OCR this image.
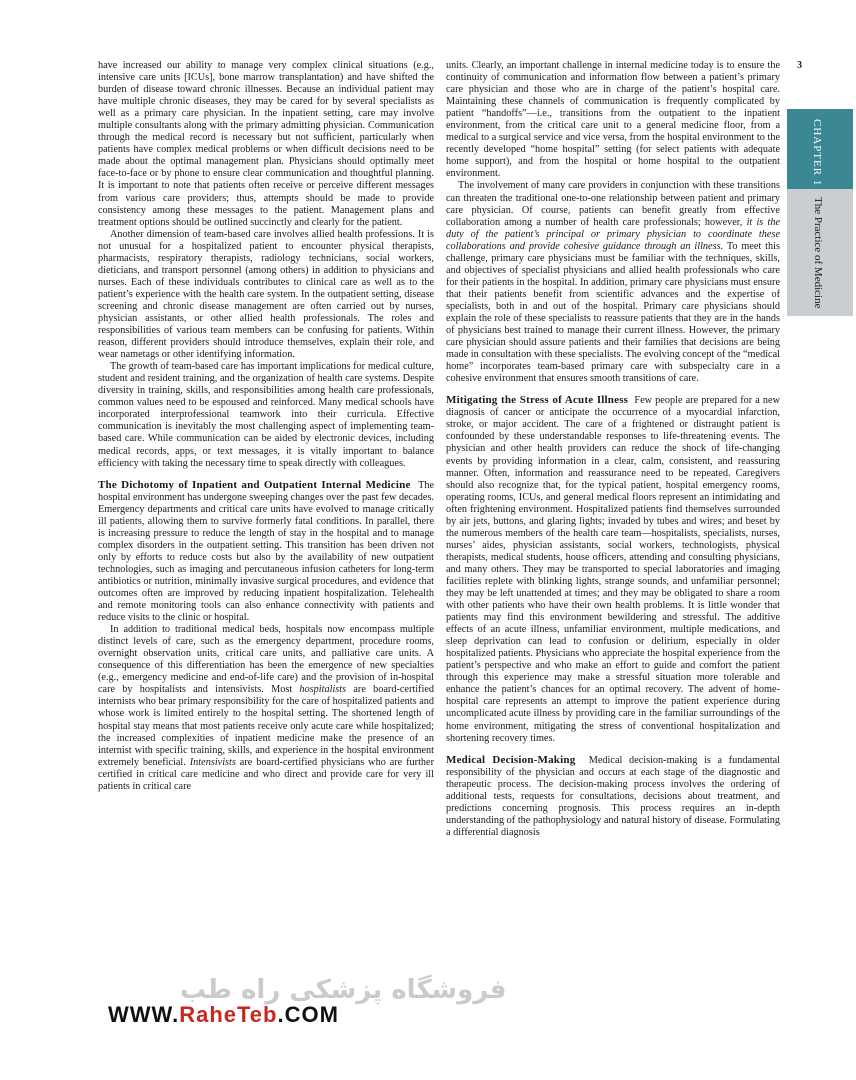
3

have increased our ability to manage very complex clinical situations (e.g., intensive care units [ICUs], bone marrow transplantation) and have shifted the burden of disease toward chronic illnesses. Because an individual patient may have multiple chronic diseases, they may be cared for by several specialists as well as a primary care physician. In the inpatient setting, care may involve multiple consultants along with the primary admitting physician. Communication through the medical record is necessary but not sufficient, particularly when patients have complex medical problems or when difficult decisions need to be made about the optimal management plan. Physicians should optimally meet face-to-face or by phone to ensure clear communication and thoughtful planning. It is important to note that patients often receive or perceive different messages from various care providers; thus, attempts should be made to provide consistency among these messages to the patient. Management plans and treatment options should be outlined succinctly and clearly for the patient.

Another dimension of team-based care involves allied health professions. It is not unusual for a hospitalized patient to encounter physical therapists, pharmacists, respiratory therapists, radiology technicians, social workers, dieticians, and transport personnel (among others) in addition to physicians and nurses. Each of these individuals contributes to clinical care as well as to the patient’s experience with the health care system. In the outpatient setting, disease screening and chronic disease management are often carried out by nurses, physician assistants, or other allied health professionals. The roles and responsibilities of various team members can be confusing for patients. Within reason, different providers should introduce themselves, explain their role, and wear nametags or other identifying information.

The growth of team-based care has important implications for medical culture, student and resident training, and the organization of health care systems. Despite diversity in training, skills, and responsibilities among health care professionals, common values need to be espoused and reinforced. Many medical schools have incorporated interprofessional teamwork into their curricula. Effective communication is inevitably the most challenging aspect of implementing team-based care. While communication can be aided by electronic devices, including medical records, apps, or text messages, it is vitally important to balance efficiency with taking the necessary time to speak directly with colleagues.

The Dichotomy of Inpatient and Outpatient Internal Medicine The hospital environment has undergone sweeping changes over the past few decades. Emergency departments and critical care units have evolved to manage critically ill patients, allowing them to survive formerly fatal conditions. In parallel, there is increasing pressure to reduce the length of stay in the hospital and to manage complex disorders in the outpatient setting. This transition has been driven not only by efforts to reduce costs but also by the availability of new outpatient technologies, such as imaging and percutaneous infusion catheters for long-term antibiotics or nutrition, minimally invasive surgical procedures, and evidence that outcomes often are improved by reducing inpatient hospitalization. Telehealth and remote monitoring tools can also enhance connectivity with patients and reduce visits to the clinic or hospital.

In addition to traditional medical beds, hospitals now encompass multiple distinct levels of care, such as the emergency department, procedure rooms, overnight observation units, critical care units, and palliative care units. A consequence of this differentiation has been the emergence of new specialties (e.g., emergency medicine and end-of-life care) and the provision of in-hospital care by hospitalists and intensivists. Most hospitalists are board-certified internists who bear primary responsibility for the care of hospitalized patients and whose work is limited entirely to the hospital setting. The shortened length of hospital stay means that most patients receive only acute care while hospitalized; the increased complexities of inpatient medicine make the presence of an internist with specific training, skills, and experience in the hospital environment extremely beneficial. Intensivists are board-certified physicians who are further certified in critical care medicine and who direct and provide care for very ill patients in critical care

units. Clearly, an important challenge in internal medicine today is to ensure the continuity of communication and information flow between a patient’s primary care physician and those who are in charge of the patient’s hospital care. Maintaining these channels of communication is frequently complicated by patient “handoffs”—i.e., transitions from the outpatient to the inpatient environment, from the critical care unit to a general medicine floor, from a medical to a surgical service and vice versa, from the hospital environment to the recently developed “home hospital” setting (for select patients with adequate home support), and from the hospital or home hospital to the outpatient environment.

The involvement of many care providers in conjunction with these transitions can threaten the traditional one-to-one relationship between patient and primary care physician. Of course, patients can benefit greatly from effective collaboration among a number of health care professionals; however, it is the duty of the patient’s principal or primary physician to coordinate these collaborations and provide cohesive guidance through an illness. To meet this challenge, primary care physicians must be familiar with the techniques, skills, and objectives of specialist physicians and allied health professionals who care for their patients in the hospital. In addition, primary care physicians must ensure that their patients benefit from scientific advances and the expertise of specialists, both in and out of the hospital. Primary care physicians should explain the role of these specialists to reassure patients that they are in the hands of physicians best trained to manage their current illness. However, the primary care physician should assure patients and their families that decisions are being made in consultation with these specialists. The evolving concept of the “medical home” incorporates team-based primary care with subspecialty care in a cohesive environment that ensures smooth transitions of care.

Mitigating the Stress of Acute Illness Few people are prepared for a new diagnosis of cancer or anticipate the occurrence of a myocardial infarction, stroke, or major accident. The care of a frightened or distraught patient is confounded by these understandable responses to life-threatening events. The physician and other health providers can reduce the shock of life-changing events by providing information in a clear, calm, consistent, and reassuring manner. Often, information and reassurance need to be repeated. Caregivers should also recognize that, for the typical patient, hospital emergency rooms, operating rooms, ICUs, and general medical floors represent an intimidating and often frightening environment. Hospitalized patients find themselves surrounded by air jets, buttons, and glaring lights; invaded by tubes and wires; and beset by the numerous members of the health care team—hospitalists, specialists, nurses, nurses’ aides, physician assistants, social workers, technologists, physical therapists, medical students, house officers, attending and consulting physicians, and many others. They may be transported to special laboratories and imaging facilities replete with blinking lights, strange sounds, and unfamiliar personnel; they may be left unattended at times; and they may be obligated to share a room with other patients who have their own health problems. It is little wonder that patients may find this environment bewildering and stressful. The additive effects of an acute illness, unfamiliar environment, multiple medications, and sleep deprivation can lead to confusion or delirium, especially in older hospitalized patients. Physicians who appreciate the hospital experience from the patient’s perspective and who make an effort to guide and comfort the patient through this experience may make a stressful situation more tolerable and enhance the patient’s chances for an optimal recovery. The advent of home-hospital care represents an attempt to improve the patient experience during uncomplicated acute illness by providing care in the familiar surroundings of the home environment, mitigating the stress of conventional hospitalization and shortening recovery times.

Medical Decision-Making Medical decision-making is a fundamental responsibility of the physician and occurs at each stage of the diagnostic and therapeutic process. The decision-making process involves the ordering of additional tests, requests for consultations, decisions about treatment, and predictions concerning prognosis. This process requires an in-depth understanding of the pathophysiology and natural history of disease. Formulating a differential diagnosis

CHAPTER 1
The Practice of Medicine
فروشگاه پزشکی راه طب
WWW.RaheTeb.COM
